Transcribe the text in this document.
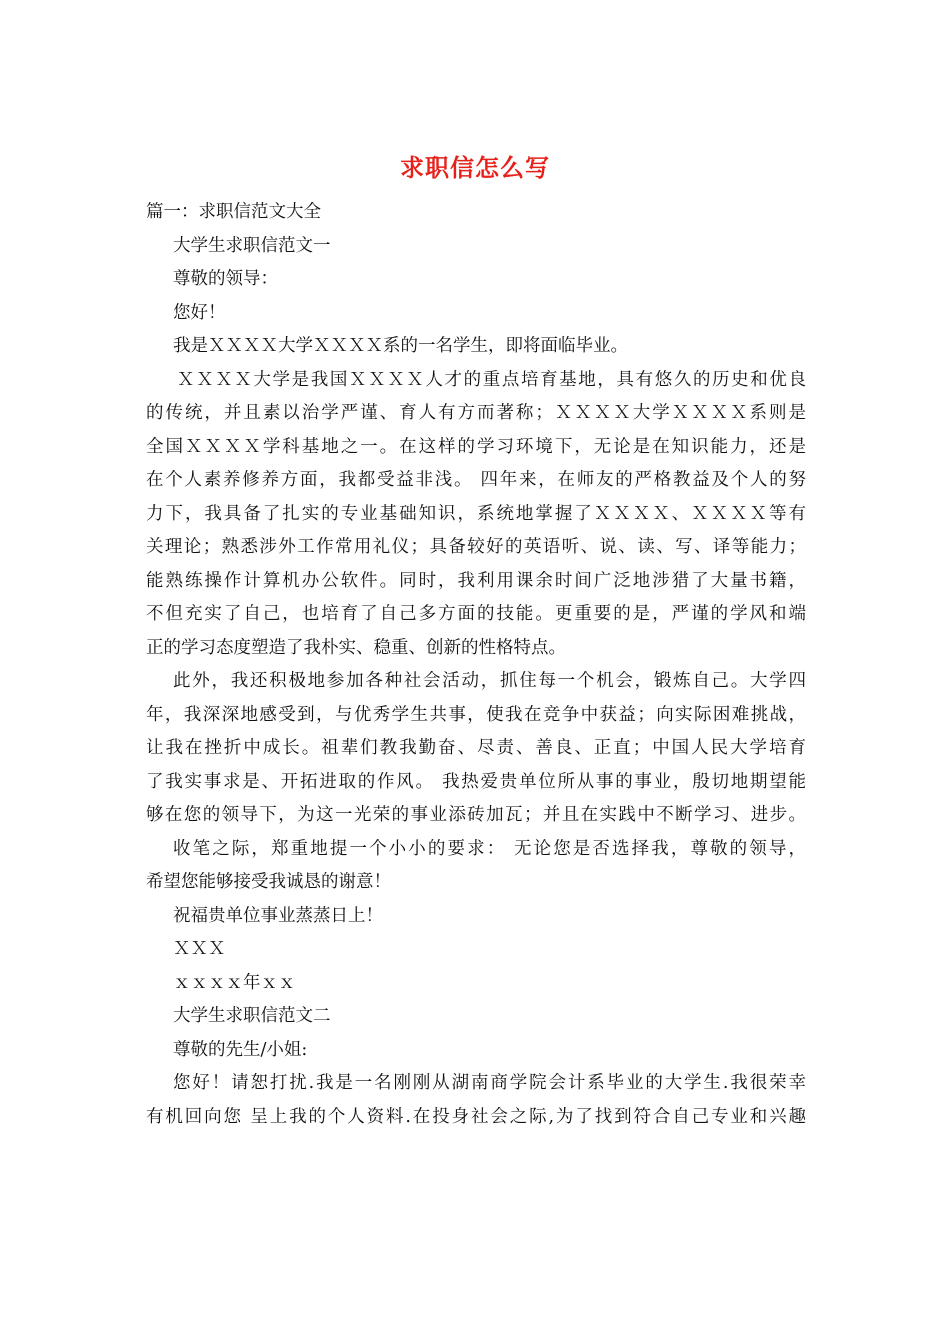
求职信怎么写
篇一：求职信范文大全
大学生求职信范文一
尊敬的领导：
您好！
我是ＸＸＸＸ大学ＸＸＸＸ系的一名学生，即将面临毕业。
ＸＸＸＸ大学是我国ＸＸＸＸ人才的重点培育基地，具有悠久的历史和优良
的传统，并且素以治学严谨、育人有方而著称；ＸＸＸＸ大学ＸＸＸＸ系则是
全国ＸＸＸＸ学科基地之一。在这样的学习环境下，无论是在知识能力，还是
在个人素养修养方面，我都受益非浅。 四年来，在师友的严格教益及个人的努
力下，我具备了扎实的专业基础知识，系统地掌握了ＸＸＸＸ、ＸＸＸＸ等有
关理论；熟悉涉外工作常用礼仪；具备较好的英语听、说、读、写、译等能力；
能熟练操作计算机办公软件。同时，我利用课余时间广泛地涉猎了大量书籍，
不但充实了自己，也培育了自己多方面的技能。更重要的是，严谨的学风和端
正的学习态度塑造了我朴实、稳重、创新的性格特点。
此外，我还积极地参加各种社会活动，抓住每一个机会，锻炼自己。大学四
年，我深深地感受到，与优秀学生共事，使我在竞争中获益；向实际困难挑战，
让我在挫折中成长。祖辈们教我勤奋、尽责、善良、正直；中国人民大学培育
了我实事求是、开拓进取的作风。 我热爱贵单位所从事的事业，殷切地期望能
够在您的领导下，为这一光荣的事业添砖加瓦；并且在实践中不断学习、进步。
收笔之际，郑重地提一个小小的要求： 无论您是否选择我，尊敬的领导，
希望您能够接受我诚恳的谢意！
祝福贵单位事业蒸蒸日上！
ＸＸＸ
ｘｘｘｘ年ｘｘ
大学生求职信范文二
尊敬的先生/小姐:
您好！请恕打扰.我是一名刚刚从湖南商学院会计系毕业的大学生.我很荣幸
有机回向您 呈上我的个人资料.在投身社会之际,为了找到符合自己专业和兴趣
